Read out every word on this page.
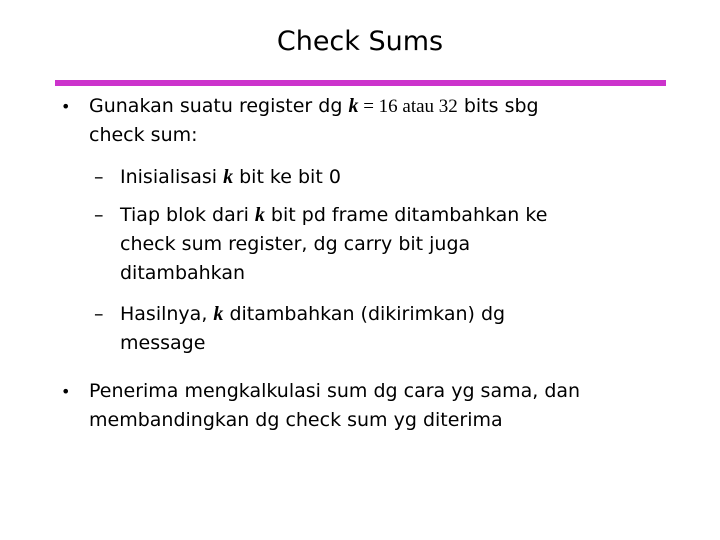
Check Sums
• Gunakan suatu register dg k = 16 atau 32 bits sbg
check sum:
– Inisialisasi k bit ke bit 0
– Tiap blok dari k bit pd frame ditambahkan ke
check sum register, dg carry bit juga
ditambahkan
– Hasilnya, k ditambahkan (dikirimkan) dg
message
• Penerima mengkalkulasi sum dg cara yg sama, dan
membandingkan dg check sum yg diterima
